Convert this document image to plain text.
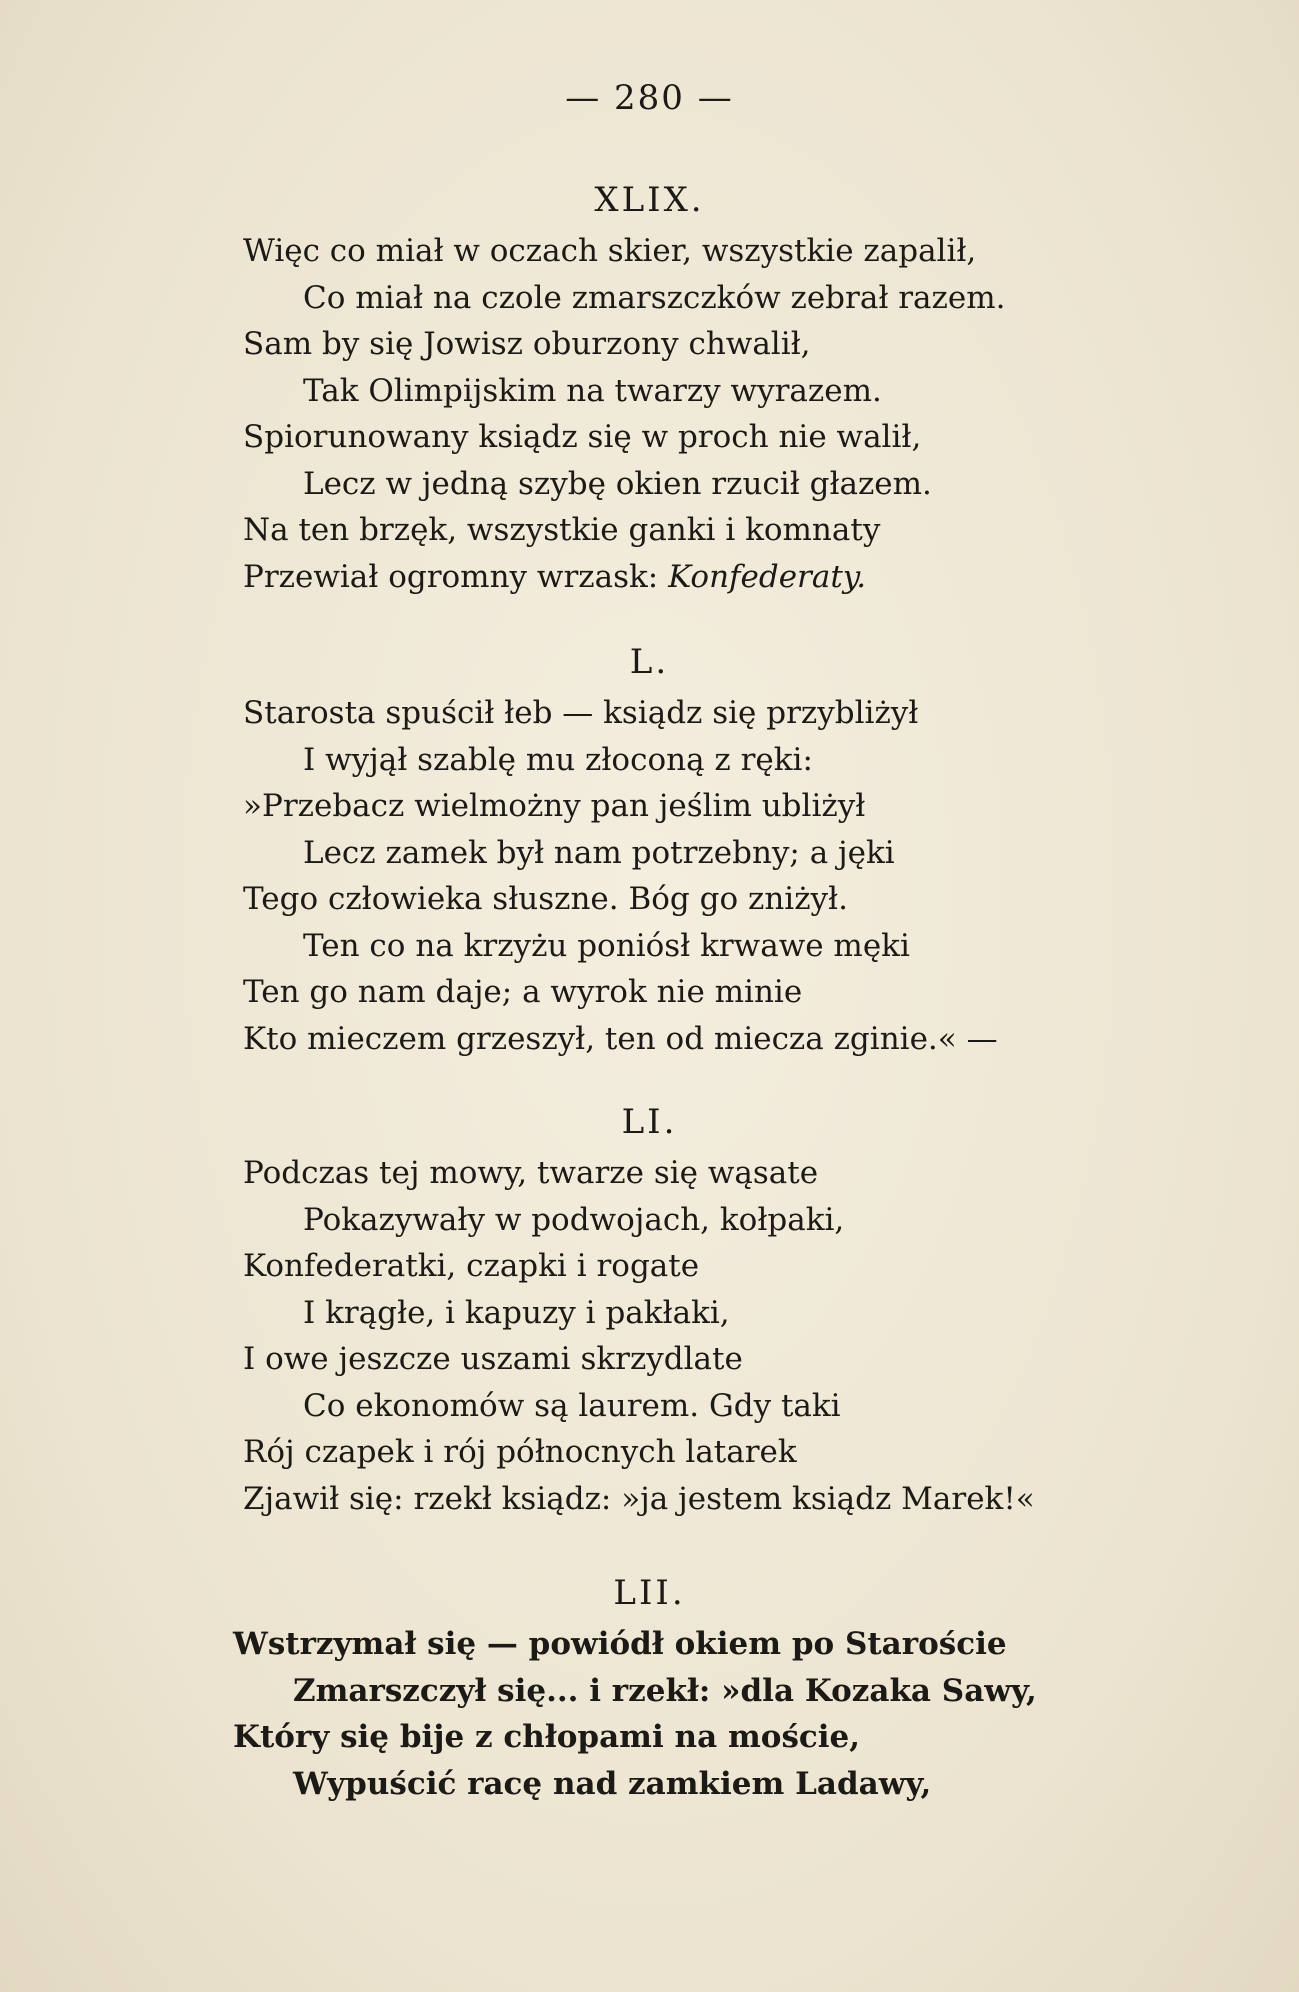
— 280 —
XLIX.
Więc co miał w oczach skier, wszystkie zapalił,
Co miał na czole zmarszczków zebrał razem.
Sam by się Jowisz oburzony chwalił,
Tak Olimpijskim na twarzy wyrazem.
Spiorunowany ksiądz się w proch nie walił,
Lecz w jedną szybę okien rzucił głazem.
Na ten brzęk, wszystkie ganki i komnaty
Przewiał ogromny wrzask: Konfederaty.
L.
Starosta spuścił łeb — ksiądz się przybliżył
I wyjął szablę mu złoconą z ręki:
»Przebacz wielmożny pan jeślim ubliżył
Lecz zamek był nam potrzebny; a jęki
Tego człowieka słuszne. Bóg go zniżył.
Ten co na krzyżu poniósł krwawe męki
Ten go nam daje; a wyrok nie minie
Kto mieczem grzeszył, ten od miecza zginie.« —
LI.
Podczas tej mowy, twarze się wąsate
Pokazywały w podwojach, kołpaki,
Konfederatki, czapki i rogate
I krągłe, i kapuzy i pakłaki,
I owe jeszcze uszami skrzydlate
Co ekonomów są laurem. Gdy taki
Rój czapek i rój północnych latarek
Zjawił się: rzekł ksiądz: »ja jestem ksiądz Marek!«
LII.
Wstrzymał się — powiódł okiem po Staroście
Zmarszczył się... i rzekł: »dla Kozaka Sawy,
Który się bije z chłopami na moście,
Wypuścić racę nad zamkiem Ladawy,
